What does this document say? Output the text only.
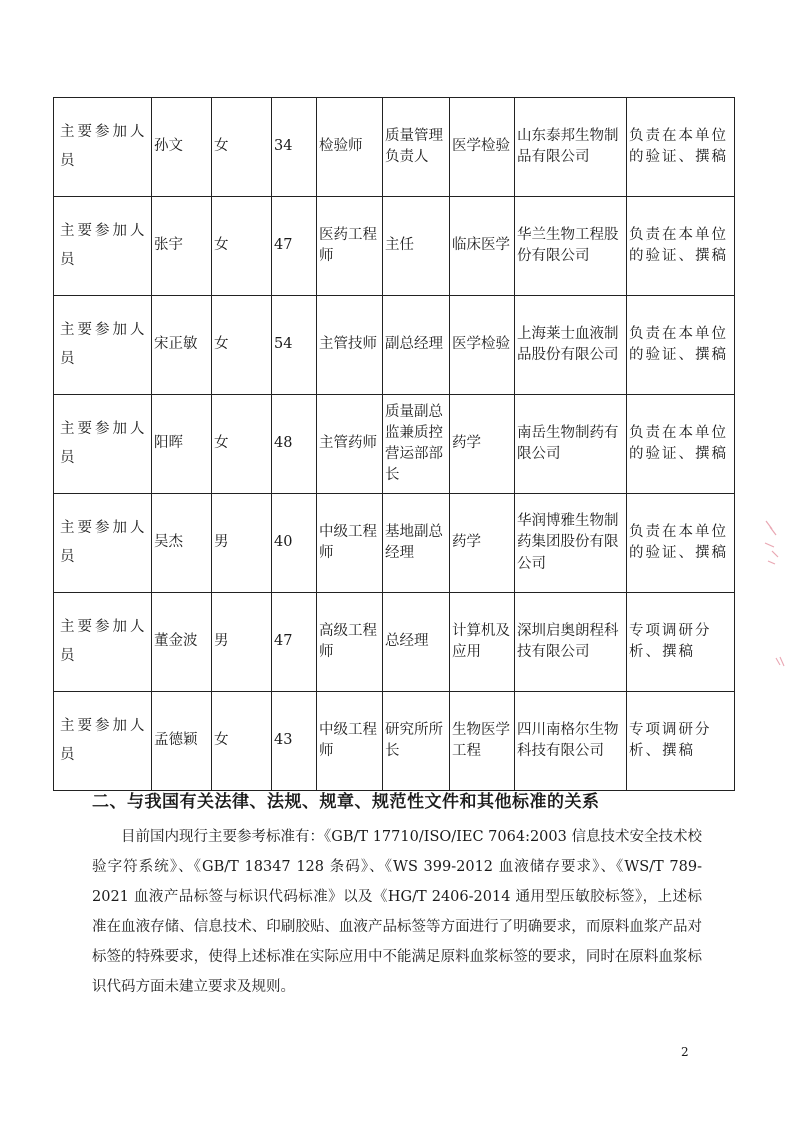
主要参加人员	孙文	女	34	检验师	质量管理负责人	医学检验	山东泰邦生物制品有限公司	负责在本单位的验证、撰稿
主要参加人员	张宇	女	47	医药工程师	主任	临床医学	华兰生物工程股份有限公司	负责在本单位的验证、撰稿
主要参加人员	宋正敏	女	54	主管技师	副总经理	医学检验	上海莱士血液制品股份有限公司	负责在本单位的验证、撰稿
主要参加人员	阳晖	女	48	主管药师	质量副总监兼质控营运部部长	药学	南岳生物制药有限公司	负责在本单位的验证、撰稿
主要参加人员	吴杰	男	40	中级工程师	基地副总经理	药学	华润博雅生物制药集团股份有限公司	负责在本单位的验证、撰稿
主要参加人员	董金波	男	47	高级工程师	总经理	计算机及应用	深圳启奥朗程科技有限公司	专项调研分析、撰稿
主要参加人员	孟德颖	女	43	中级工程师	研究所所长	生物医学工程	四川南格尔生物科技有限公司	专项调研分析、撰稿
二、与我国有关法律、法规、规章、规范性文件和其他标准的关系

目前国内现行主要参考标准有：《GB/T 17710/ISO/IEC 7064:2003 信息技术安全技术校验字符系统》、《GB/T 18347 128 条码》、《WS 399-2012 血液储存要求》、《WS/T 789-2021 血液产品标签与标识代码标准》以及《HG/T 2406-2014 通用型压敏胶标签》，上述标准在血液存储、信息技术、印刷胶贴、血液产品标签等方面进行了明确要求，而原料血浆产品对标签的特殊要求，使得上述标准在实际应用中不能满足原料血浆标签的要求，同时在原料血浆标识代码方面未建立要求及规则。

2
